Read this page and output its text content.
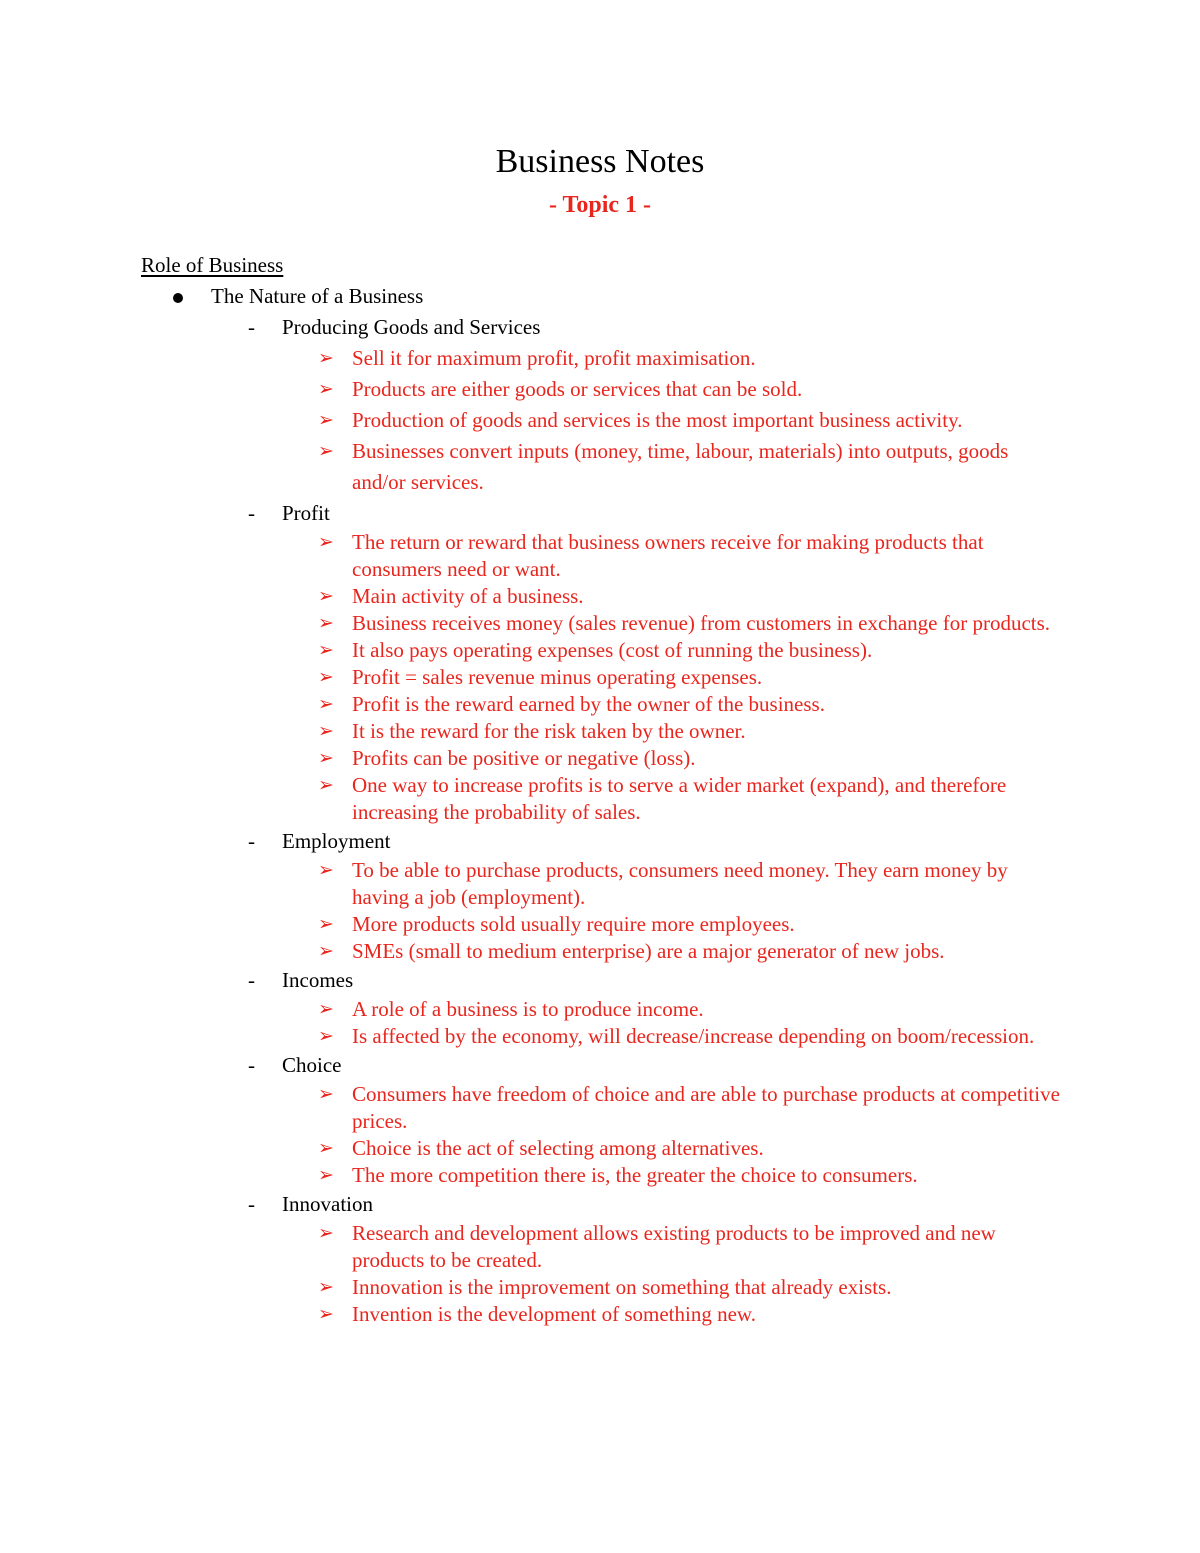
Business Notes
- Topic 1 -
Role of Business
The Nature of a Business
- Producing Goods and Services
➢ Sell it for maximum profit, profit maximisation.
➢ Products are either goods or services that can be sold.
➢ Production of goods and services is the most important business activity.
➢ Businesses convert inputs (money, time, labour, materials) into outputs, goods and/or services.
- Profit
➢ The return or reward that business owners receive for making products that consumers need or want.
➢ Main activity of a business.
➢ Business receives money (sales revenue) from customers in exchange for products.
➢ It also pays operating expenses (cost of running the business).
➢ Profit = sales revenue minus operating expenses.
➢ Profit is the reward earned by the owner of the business.
➢ It is the reward for the risk taken by the owner.
➢ Profits can be positive or negative (loss).
➢ One way to increase profits is to serve a wider market (expand), and therefore increasing the probability of sales.
- Employment
➢ To be able to purchase products, consumers need money. They earn money by having a job (employment).
➢ More products sold usually require more employees.
➢ SMEs (small to medium enterprise) are a major generator of new jobs.
- Incomes
➢ A role of a business is to produce income.
➢ Is affected by the economy, will decrease/increase depending on boom/recession.
- Choice
➢ Consumers have freedom of choice and are able to purchase products at competitive prices.
➢ Choice is the act of selecting among alternatives.
➢ The more competition there is, the greater the choice to consumers.
- Innovation
➢ Research and development allows existing products to be improved and new products to be created.
➢ Innovation is the improvement on something that already exists.
➢ Invention is the development of something new.
